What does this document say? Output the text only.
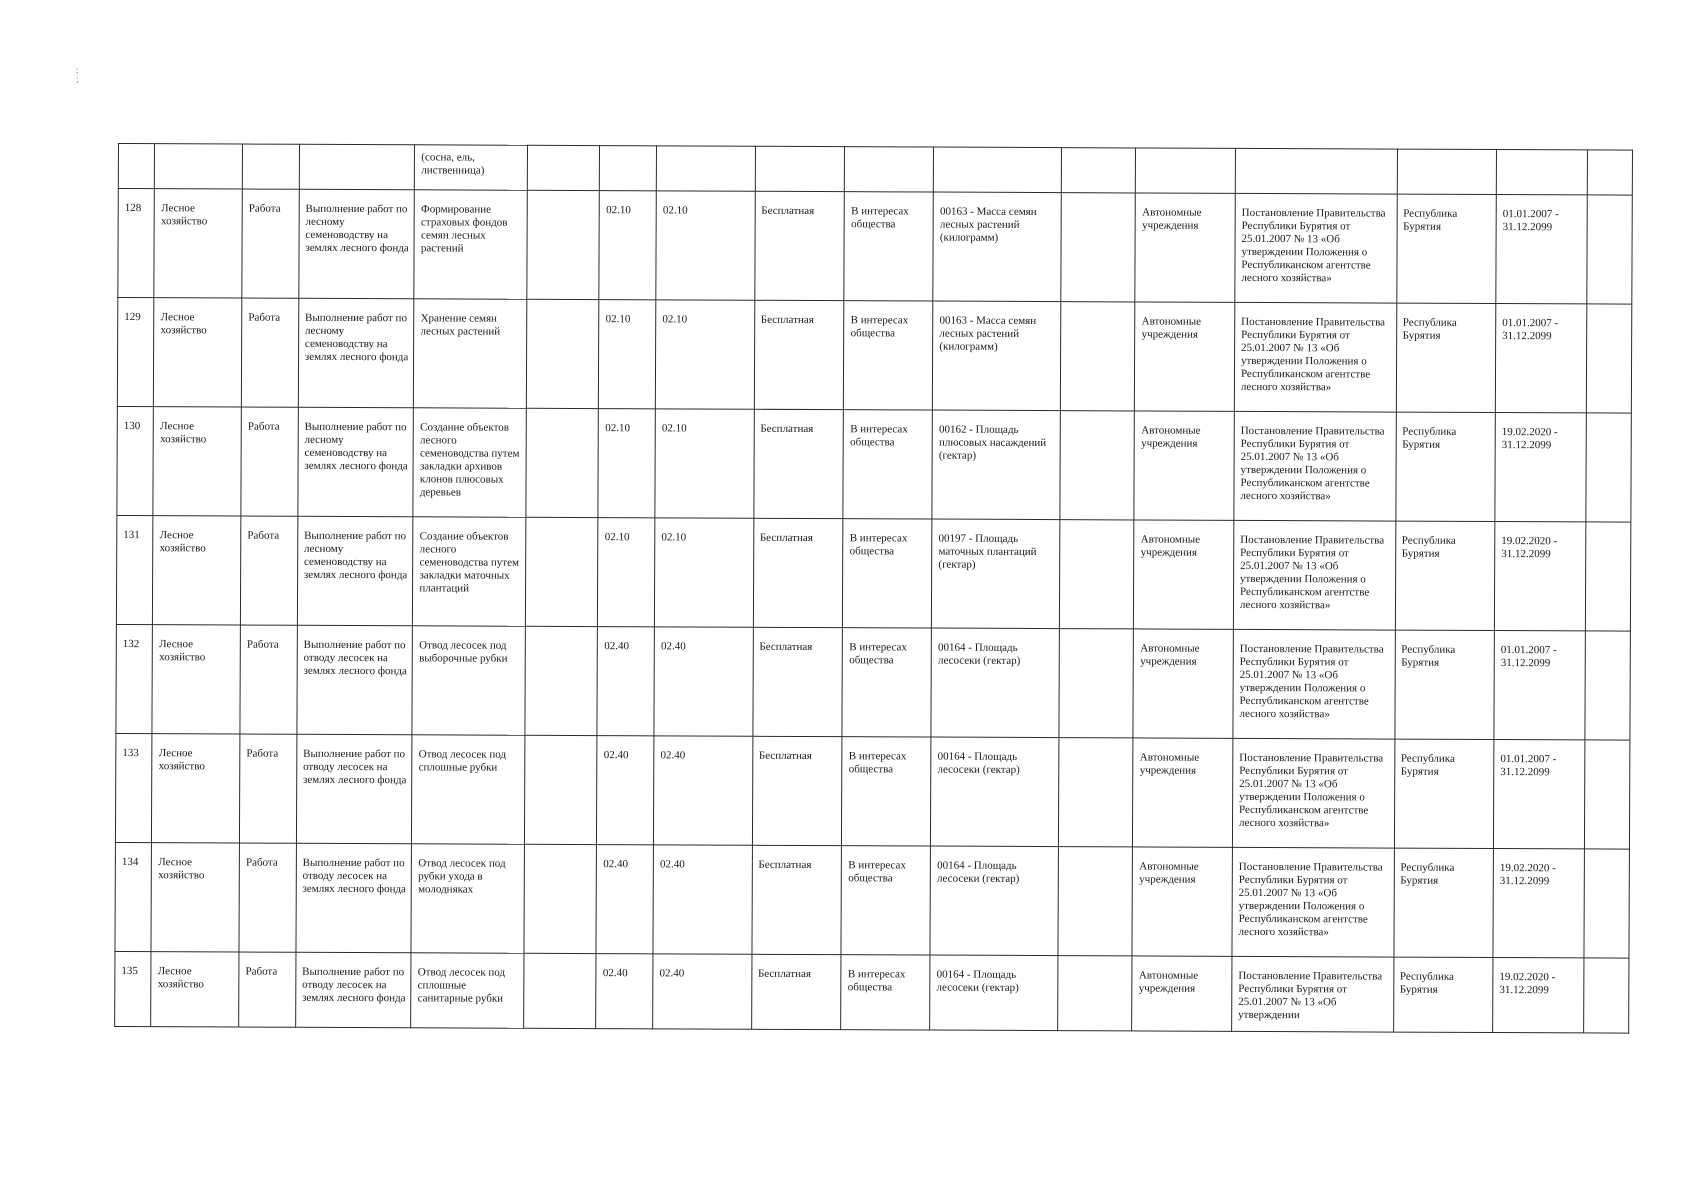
;
;
				(сосна, ель, лиственница)												
128	Лесное хозяйство	Работа	Выполнение работ по лесному семеноводству на землях лесного фонда	Формирование страховых фондов семян лесных растений		02.10	02.10	Бесплатная	В интересах общества	00163 - Масса семян лесных растений (килограмм)		Автономные учреждения	Постановление Правительства Республики Бурятия от 25.01.2007 № 13 «Об утверждении Положения о Республиканском агентстве лесного хозяйства»	Республика Бурятия	01.01.2007 - 31.12.2099	
129	Лесное хозяйство	Работа	Выполнение работ по лесному семеноводству на землях лесного фонда	Хранение семян лесных растений		02.10	02.10	Бесплатная	В интересах общества	00163 - Масса семян лесных растений (килограмм)		Автономные учреждения	Постановление Правительства Республики Бурятия от 25.01.2007 № 13 «Об утверждении Положения о Республиканском агентстве лесного хозяйства»	Республика Бурятия	01.01.2007 - 31.12.2099	
130	Лесное хозяйство	Работа	Выполнение работ по лесному семеноводству на землях лесного фонда	Создание объектов лесного семеноводства путем закладки архивов клонов плюсовых деревьев		02.10	02.10	Бесплатная	В интересах общества	00162 - Площадь плюсовых насаждений (гектар)		Автономные учреждения	Постановление Правительства Республики Бурятия от 25.01.2007 № 13 «Об утверждении Положения о Республиканском агентстве лесного хозяйства»	Республика Бурятия	19.02.2020 - 31.12.2099	
131	Лесное хозяйство	Работа	Выполнение работ по лесному семеноводству на землях лесного фонда	Создание объектов лесного семеноводства путем закладки маточных плантаций		02.10	02.10	Бесплатная	В интересах общества	00197 - Площадь маточных плантаций (гектар)		Автономные учреждения	Постановление Правительства Республики Бурятия от 25.01.2007 № 13 «Об утверждении Положения о Республиканском агентстве лесного хозяйства»	Республика Бурятия	19.02.2020 - 31.12.2099	
132	Лесное хозяйство	Работа	Выполнение работ по отводу лесосек на землях лесного фонда	Отвод лесосек под выборочные рубки		02.40	02.40	Бесплатная	В интересах общества	00164 - Площадь лесосеки (гектар)		Автономные учреждения	Постановление Правительства Республики Бурятия от 25.01.2007 № 13 «Об утверждении Положения о Республиканском агентстве лесного хозяйства»	Республика Бурятия	01.01.2007 - 31.12.2099	
133	Лесное хозяйство	Работа	Выполнение работ по отводу лесосек на землях лесного фонда	Отвод лесосек под сплошные рубки		02.40	02.40	Бесплатная	В интересах общества	00164 - Площадь лесосеки (гектар)		Автономные учреждения	Постановление Правительства Республики Бурятия от 25.01.2007 № 13 «Об утверждении Положения о Республиканском агентстве лесного хозяйства»	Республика Бурятия	01.01.2007 - 31.12.2099	
134	Лесное хозяйство	Работа	Выполнение работ по отводу лесосек на землях лесного фонда	Отвод лесосек под рубки ухода в молодняках		02.40	02.40	Бесплатная	В интересах общества	00164 - Площадь лесосеки (гектар)		Автономные учреждения	Постановление Правительства Республики Бурятия от 25.01.2007 № 13 «Об утверждении Положения о Республиканском агентстве лесного хозяйства»	Республика Бурятия	19.02.2020 - 31.12.2099	
135	Лесное хозяйство	Работа	Выполнение работ по отводу лесосек на землях лесного фонда	Отвод лесосек под сплошные санитарные рубки		02.40	02.40	Бесплатная	В интересах общества	00164 - Площадь лесосеки (гектар)		Автономные учреждения	Постановление Правительства Республики Бурятия от 25.01.2007 № 13 «Об утверждении	Республика Бурятия	19.02.2020 - 31.12.2099	
